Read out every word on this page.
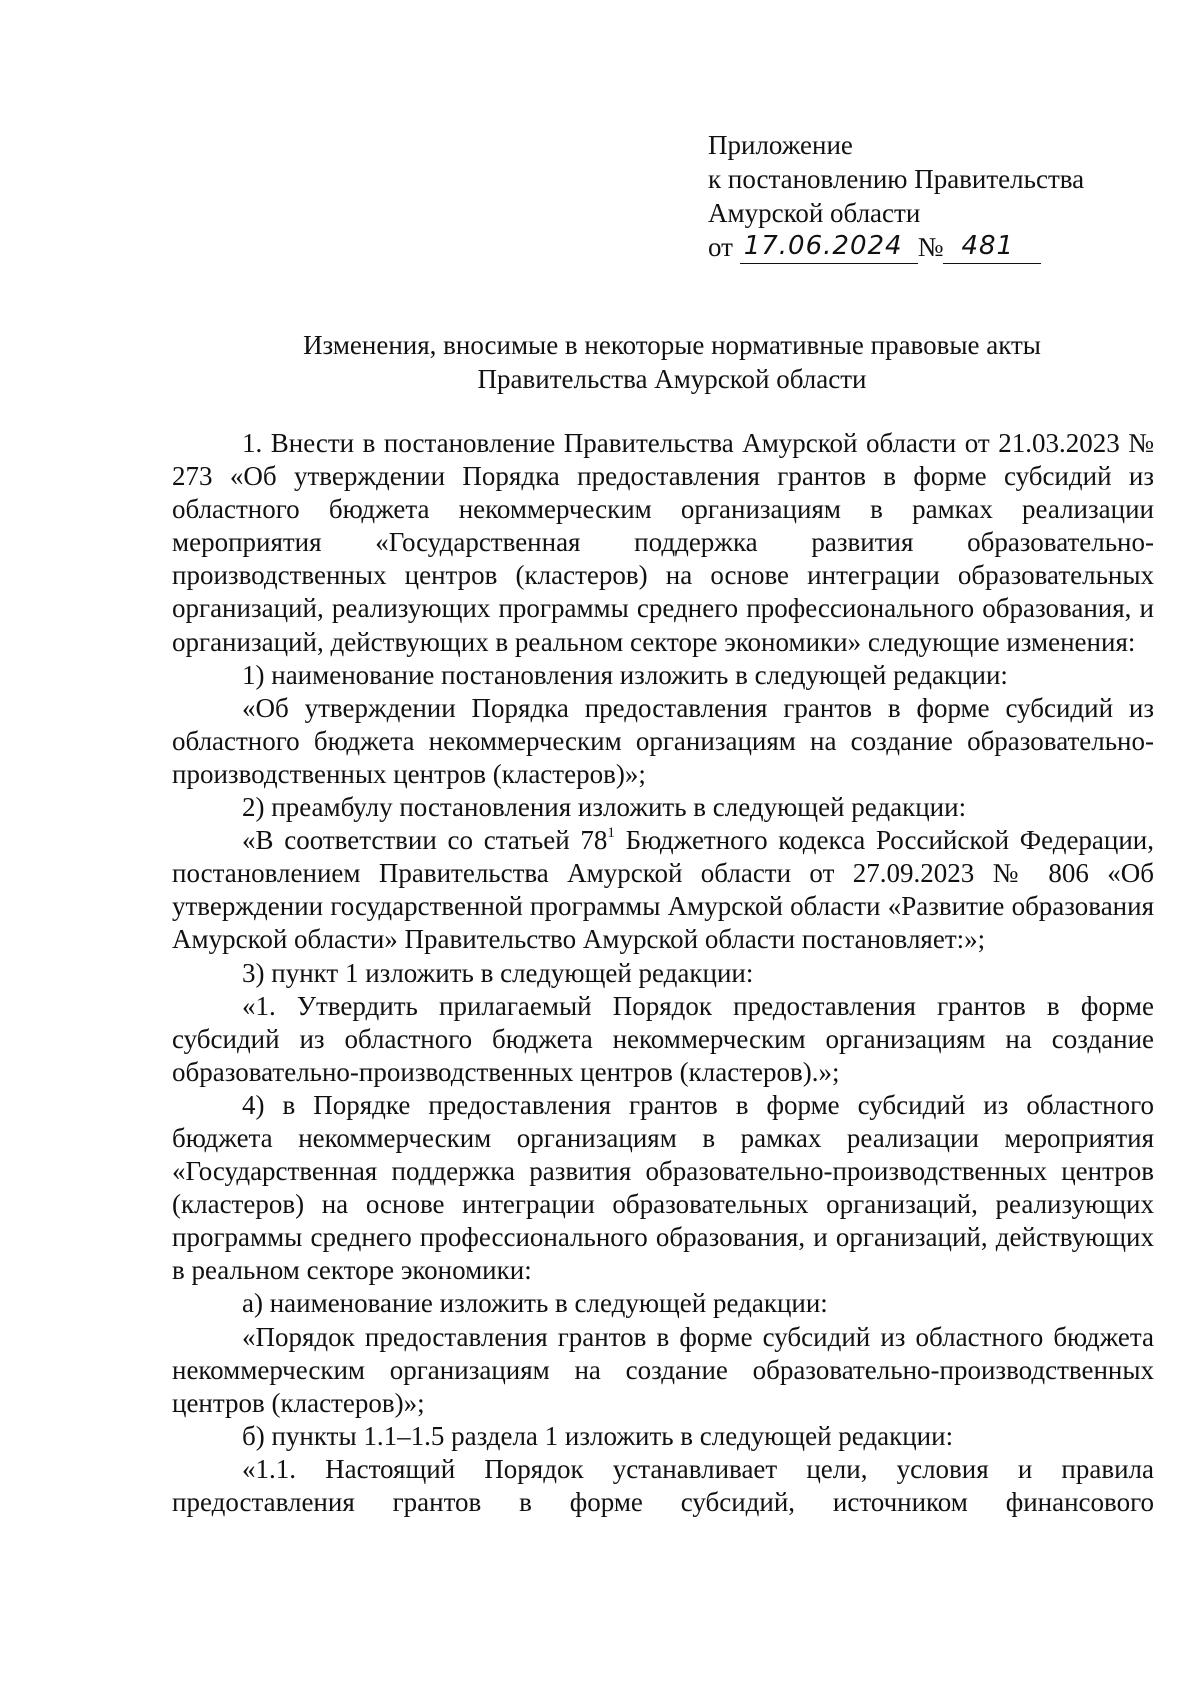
Приложение
к постановлению Правительства
Амурской области
от 17.06.2024 № 481
Изменения, вносимые в некоторые нормативные правовые акты
Правительства Амурской области

1. Внести в постановление Правительства Амурской области от 21.03.2023 № 273 «Об утверждении Порядка предоставления грантов в форме субсидий из областного бюджета некоммерческим организациям в рамках реализации мероприятия «Государственная поддержка развития образовательно-производственных центров (кластеров) на основе интеграции образовательных организаций, реализующих программы среднего профессионального образования, и организаций, действующих в реальном секторе экономики» следующие изменения:

1) наименование постановления изложить в следующей редакции:

«Об утверждении Порядка предоставления грантов в форме субсидий из областного бюджета некоммерческим организациям на создание образовательно-производственных центров (кластеров)»;

2) преамбулу постановления изложить в следующей редакции:

«В соответствии со статьей $78^1$ Бюджетного кодекса Российской Федерации, постановлением Правительства Амурской области от 27.09.2023 № 806 «Об утверждении государственной программы Амурской области «Развитие образования Амурской области» Правительство Амурской области постановляет:»;

3) пункт 1 изложить в следующей редакции:

«1. Утвердить прилагаемый Порядок предоставления грантов в форме субсидий из областного бюджета некоммерческим организациям на создание образовательно-производственных центров (кластеров).»;

4) в Порядке предоставления грантов в форме субсидий из областного бюджета некоммерческим организациям в рамках реализации мероприятия «Государственная поддержка развития образовательно-производственных центров (кластеров) на основе интеграции образовательных организаций, реализующих программы среднего профессионального образования, и организаций, действующих в реальном секторе экономики:

а) наименование изложить в следующей редакции:

«Порядок предоставления грантов в форме субсидий из областного бюджета некоммерческим организациям на создание образовательно-производственных центров (кластеров)»;

б) пункты 1.1–1.5 раздела 1 изложить в следующей редакции:

«1.1. Настоящий Порядок устанавливает цели, условия и правила предоставления грантов в форме субсидий, источником финансового
